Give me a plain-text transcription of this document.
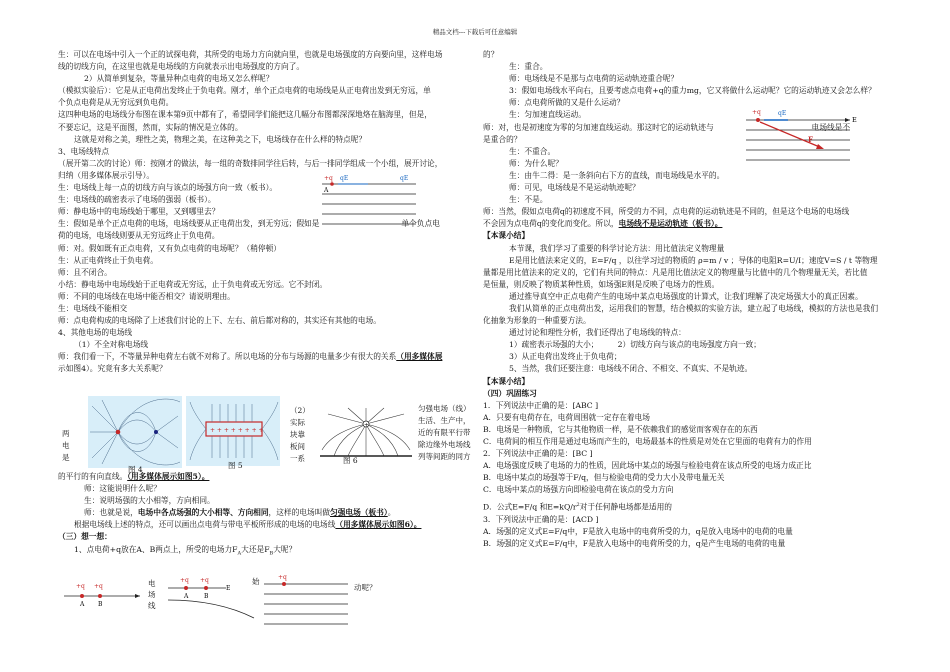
精品文档---下载后可任意编辑

生：可以在电场中引入一个正的试探电荷，其所受的电场力方向就向里，也就是电场强度的方向要向里，这样电场

线的切线方向，在这里也就是电场线的方向就表示出电场强度的方向了。

2）从简单到复杂，等量异种点电荷的电场又怎么样呢？

（模拟实验后）：它是从正电荷出发终止于负电荷。刚才，单个正点电荷的电场线是从正电荷出发到无穷远，单

个负点电荷是从无穷远到负电荷。

这四种电场的电场线分布图在课本第9页中都有了，希望同学们能把这几幅分布图都深深地烙在脑海里，但是，

不要忘记，这是平面图，然而，实际的情况是立体的。

这就是对称之美，理性之美，物理之美，在这种美之下，电场线存在什么样的特点呢？

3、电场线特点

（展开第二次的讨论）师：按刚才的做法，每一组的奇数排同学往后转，与后一排同学组成一个小组，展开讨论，

归纳（用多媒体展示引导）。

生：电场线上每一点的切线方向与该点的场强方向一致（板书）。

生：电场线的疏密表示了电场的强弱（板书）。

师：静电场中的电场线始于哪里，又到哪里去？

生：假如是单个正点电荷的电场，电场线要从正电荷出发，到无穷远；假如是	单个负点电

荷的电场，电场线则要从无穷远终止于负电荷。

师：对。假如既有正点电荷，又有负点电荷的电场呢？（稍停顿）

生：从正电荷终止于负电荷。

师：且不闭合。

小结：静电场中电场线始于正电荷或无穷远，止于负电荷或无穷远。它不封闭。

师：不同的电场线在电场中能否相交？请说明理由。

生：电场线不能相交

师：点电荷构成的电场除了上述我们讨论的上下、左右、前后都对称的，其实还有其他的电场。

4、其他电场的电场线

（1）不全对称电场线

师：我们看一下，不等量异种电荷左右就不对称了。所以电场的分布与场源的电量多少有很大的关系（用多媒体展

示如图4）。究竟有多大关系呢？

+q qE	qE
A
图 4
+ + + + + + + +
图 5
（2）
实际
块靠
板间
一系
+
图 6
匀强电场（线）
生活、生产中，
近的有限平行带
除边缘外电场线
列等间距的同方
两
电
是

的平行的有向直线。（用多媒体展示如图5）。

师：这能说明什么呢？

生：说明场强的大小相等，方向相同。

师：也就是说，电场中各点场强的大小相等、方向相同，这样的电场叫做匀强电场（板书）。

根据电场线上述的特点，还可以画出点电荷与带电平板所形成的电场的电场线（用多媒体展示如图6）。

（三）想一想：

1、点电荷+q放在A、B两点上，所受的电场力$F_A$大还是$F_B$大呢？

+q +q
A B
电
场
线
+q +q
A	B
E
始	+q
动呢？

的？

生：重合。

师：电场线是不是那与点电荷的运动轨迹重合呢？

3：假如电场线水平向右，且要考虑点电荷+q的重力mg，它又将做什么运动呢？它的运动轨迹又会怎么样？

师：点电荷所做的又是什么运动？

生：匀加速直线运动。

师：对，也是初速度为零的匀加速直线运动。那这时它的运动轨迹与	电场线是不

是重合的？

生：不重合。

师：为什么呢？

生：由牛二得：是一条斜向右下方的直线，而电场线是水平的。

师：可见，电场线是不是运动轨迹呢？

生：不是。

师：当然，假如点电荷q的初速度不同，所受的力不同，点电荷的运动轨迹是不同的，但是这个电场的电场线

不会因为点电荷q的变化而变化。所以，电场线不是运动轨迹（板书）。

【本课小结】

本节课，我们学习了重要的科学讨论方法：用比值法定义物理量

E是用比值法来定义的，E=F/q ，以往学习过的物质的 ρ=m / v ；导体的电阻R=U/I；速度V=S / t 等物理

量都是用比值法来的定义的，它们有共同的特点：凡是用比值法定义的物理量与比值中的几个物理量无关，若比值

是恒量，则反映了物质某种性质，如场强E则是反映了电场力的性质。

通过推导真空中正点电荷产生的电场中某点电场强度的计算式，让我们理解了决定场强大小的真正因素。

我们从简单的正点电荷出发，运用我们的智慧，结合模拟的实验方法，建立起了电场线，模拟的方法也是我们

化抽象为形象的一种重要方法。

通过讨论和理性分析，我们还得出了电场线的特点：

1）疏密表示场强的大小；　　　2）切线方向与该点的电场强度方向一致；

3）从正电荷出发终止于负电荷；

5、当然，我们还要注意：电场线不闭合、不相交、不真实、不是轨迹。

【本课小结】

（四）巩固练习

1．下列说法中正确的是：[ABC ]

A．只要有电荷存在，电荷周围就一定存在着电场

B．电场是一种物质，它与其他物质一样，是不依赖我们的感觉而客观存在的东西

C．电荷间的相互作用是通过电场而产生的，电场最基本的性质是对处在它里面的电荷有力的作用

2．下列说法中正确的是：[BC ]

A．电场强度反映了电场的力的性质，因此场中某点的场强与检验电荷在该点所受的电场力成正比

B．电场中某点的场强等于F/q，但与检验电荷的受力大小及带电量无关

C．电场中某点的场强方向即检验电荷在该点的受力方向

D．公式E=F/q 和$E=kQ/r^2$对于任何静电场都是适用的

3．下列说法中正确的是：[ACD ]

A．场强的定义式E=F/q中，F是放入电场中的电荷所受的力，q是放入电场中的电荷的电量

B．场强的定义式E=F/q中，F是放入电场中的电荷所受的力，q是产生电场的电荷的电量

E
+q	qE
F
